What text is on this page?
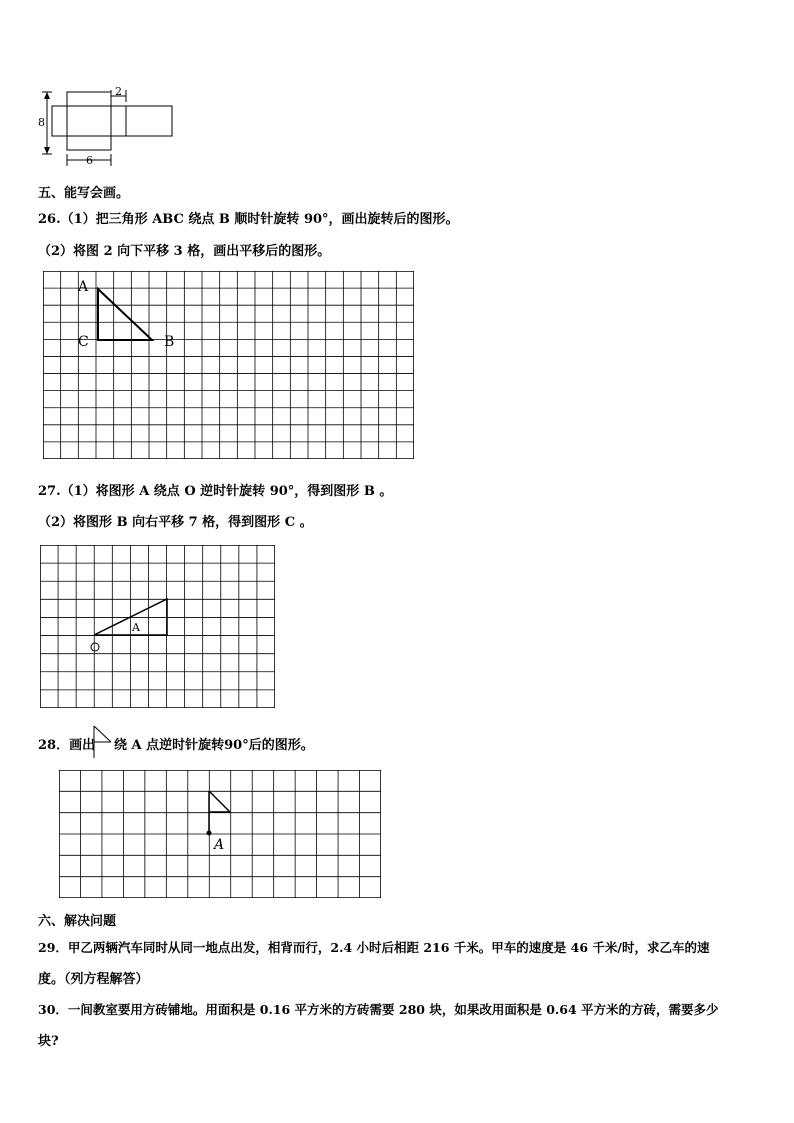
2
8
6
五、能写会画。
26.（1）把三角形 ABC 绕点 B 顺时针旋转 90°，画出旋转后的图形。
（2）将图 2 向下平移 3 格，画出平移后的图形。
A
C	B
27.（1）将图形 A 绕点 O 逆时针旋转 90°，得到图形 B 。
（2）将图形 B 向右平移 7 格，得到图形 C 。
A
O
28．画出 绕 A 点逆时针旋转90°后的图形。
A
六、解决问题
29．甲乙两辆汽车同时从同一地点出发，相背而行，2.4 小时后相距 216 千米。甲车的速度是 46 千米/时，求乙车的速
度。（列方程解答）
30．一间教室要用方砖铺地。用面积是 0.16 平方米的方砖需要 280 块，如果改用面积是 0.64 平方米的方砖，需要多少
块?
